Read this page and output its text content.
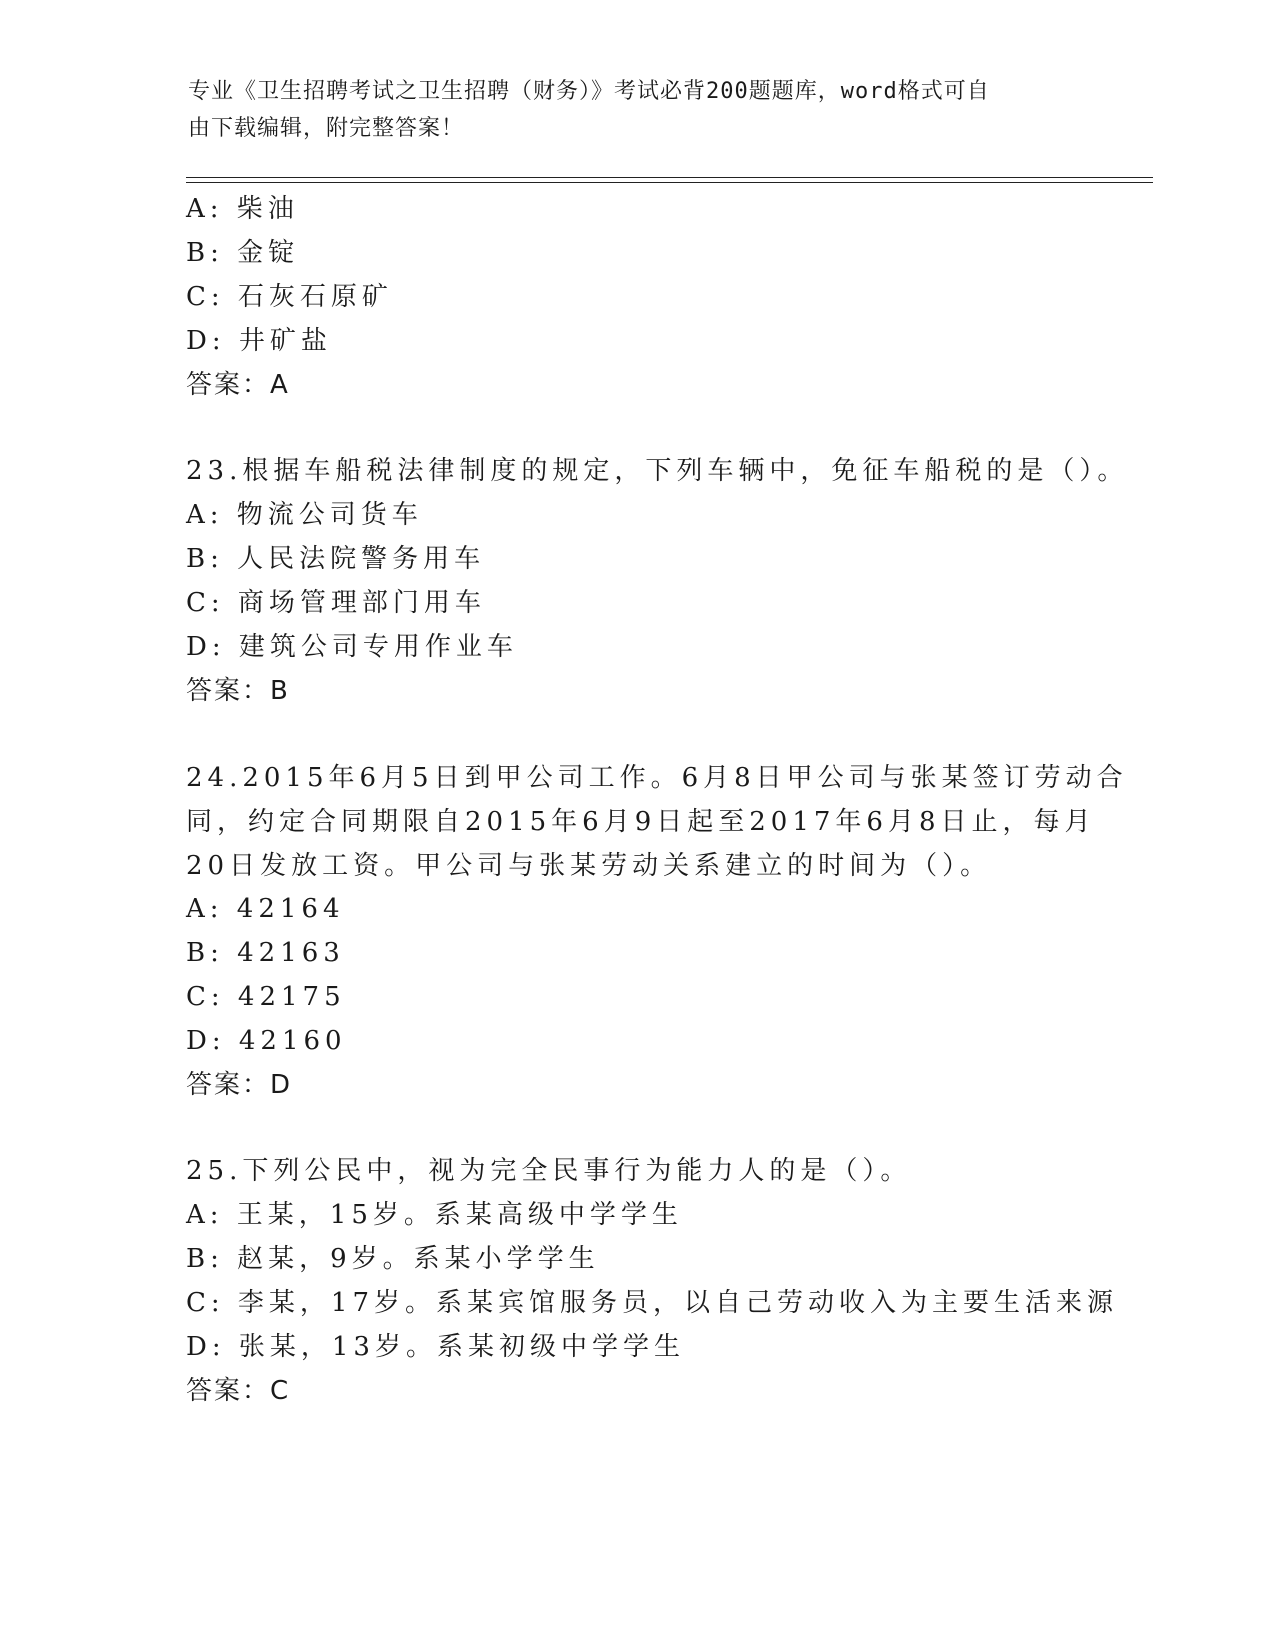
专业《卫生招聘考试之卫生招聘（财务）》考试必背200题题库，word格式可自
由下载编辑，附完整答案！
A: 柴油
B: 金锭
C: 石灰石原矿
D: 井矿盐
答案：A
23.根据车船税法律制度的规定，下列车辆中，免征车船税的是（）。
A: 物流公司货车
B: 人民法院警务用车
C: 商场管理部门用车
D: 建筑公司专用作业车
答案：B
24.2015年6月5日到甲公司工作。6月8日甲公司与张某签订劳动合
同，约定合同期限自2015年6月9日起至2017年6月8日止，每月
20日发放工资。甲公司与张某劳动关系建立的时间为（）。
A: 42164
B: 42163
C: 42175
D: 42160
答案：D
25.下列公民中，视为完全民事行为能力人的是（）。
A: 王某，15岁。系某高级中学学生
B: 赵某，9岁。系某小学学生
C: 李某，17岁。系某宾馆服务员，以自己劳动收入为主要生活来源
D: 张某，13岁。系某初级中学学生
答案：C
